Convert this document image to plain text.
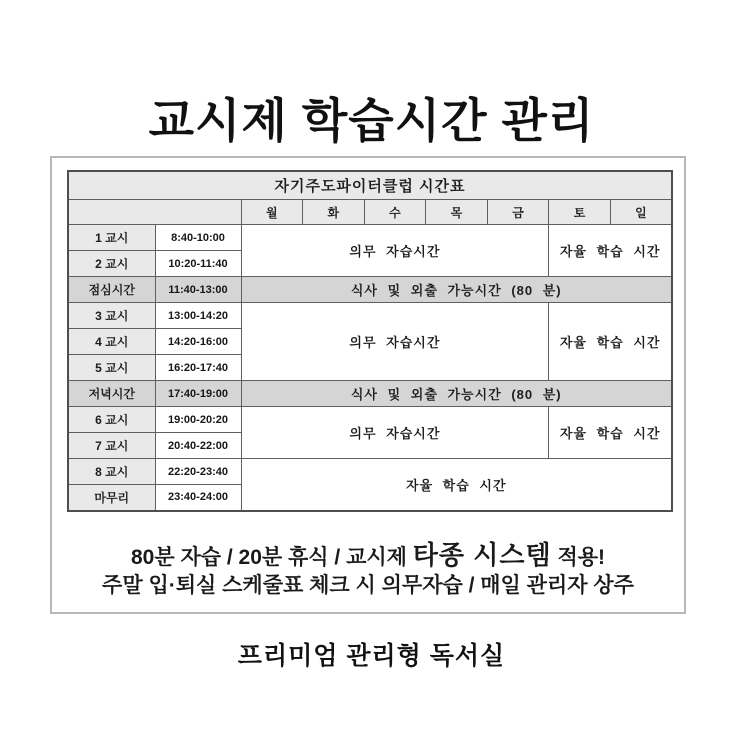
교시제 학습시간 관리
자기주도파이터클럽 시간표								
		월	화	수	목	금	토	일
1 교시	8:40-10:00	의무 자습시간					자율 학습 시간	
2 교시	10:20-11:40							
점심시간	11:40-13:00	식사 및 외출 가능시간 (80 분)						
3 교시	13:00-14:20	의무 자습시간					자율 학습 시간	
4 교시	14:20-16:00							
5 교시	16:20-17:40							
저녁시간	17:40-19:00	식사 및 외출 가능시간 (80 분)						
6 교시	19:00-20:20	의무 자습시간					자율 학습 시간	
7 교시	20:40-22:00							
8 교시	22:20-23:40	자율 학습 시간						
마무리	23:40-24:00							
80분 자습 / 20분 휴식 / 교시제 타종 시스템 적용!
주말 입·퇴실 스케줄표 체크 시 의무자습 / 매일 관리자 상주
프리미엄 관리형 독서실
